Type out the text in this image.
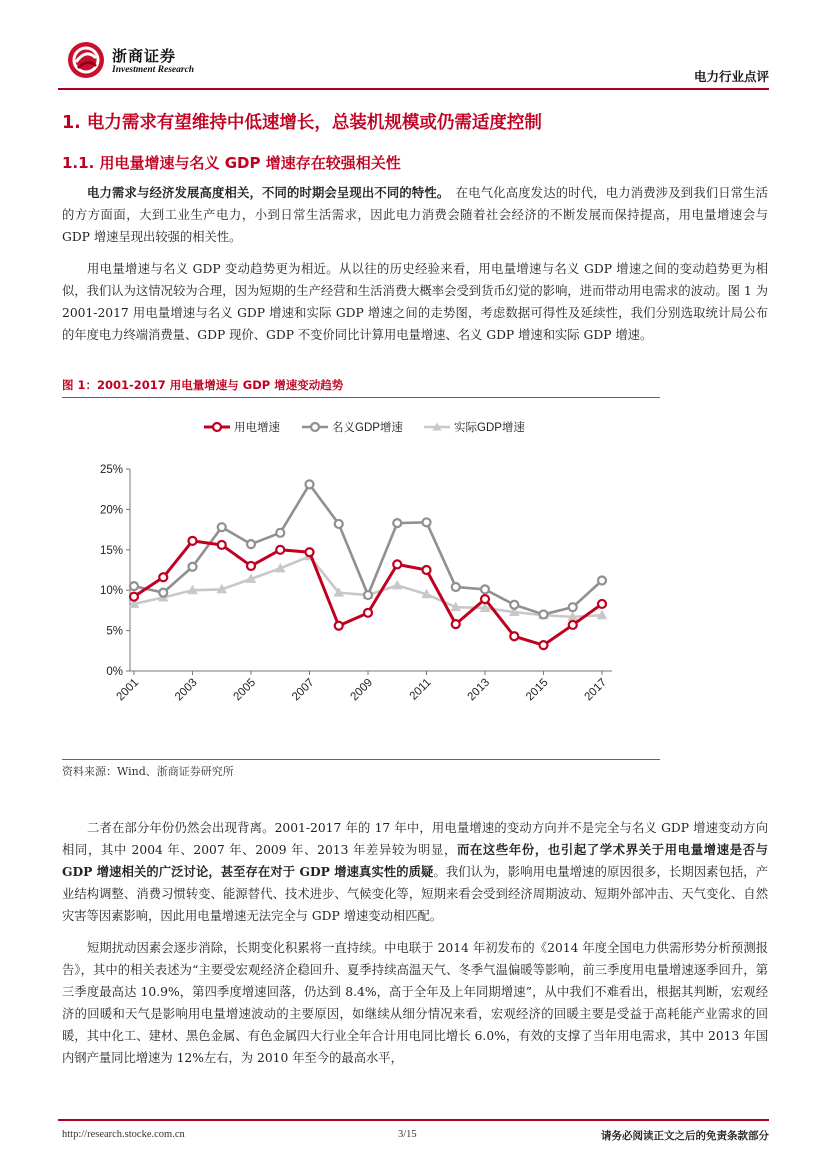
浙商证券
Investment Research	电力行业点评
1. 电力需求有望维持中低速增长，总装机规模或仍需适度控制
1.1. 用电量增速与名义 GDP 增速存在较强相关性

电力需求与经济发展高度相关，不同的时期会呈现出不同的特性。　 在电气化高度发达的时代，电力消费涉及到我们日常生活的方方面面，大到工业生产电力，小到日常生活需求，因此电力消费会随着社会经济的不断发展而保持提高，用电量增速会与 GDP 增速呈现出较强的相关性。

用电量增速与名义 GDP 变动趋势更为相近。从以往的历史经验来看，用电量增速与名义 GDP 增速之间的变动趋势更为相似，我们认为这情况较为合理，因为短期的生产经营和生活消费大概率会受到货币幻觉的影响，进而带动用电需求的波动。图 1 为 2001-2017 用电量增速与名义 GDP 增速和实际 GDP 增速之间的走势图，考虑数据可得性及延续性，我们分别选取统计局公布的年度电力终端消费量、GDP 现价、GDP 不变价同比计算用电量增速、名义 GDP 增速和实际 GDP 增速。

图 1：2001-2017 用电量增速与 GDP 增速变动趋势
用电增速	名义GDP增速	实际GDP增速
0%
5%
10%
15%
20%
25%
2001	2003	2005	2007	2009	2011	2013	2015	2017
资料来源：Wind、浙商证券研究所

二者在部分年份仍然会出现背离。2001-2017 年的 17 年中，用电量增速的变动方向并不是完全与名义 GDP 增速变动方向相同，其中 2004 年、2007 年、2009 年、2013 年差异较为明显，而在这些年份，也引起了学术界关于用电量增速是否与 GDP 增速相关的广泛讨论，甚至存在对于 GDP 增速真实性的质疑。我们认为，影响用电量增速的原因很多，长期因素包括，产业结构调整、消费习惯转变、能源替代、技术进步、气候变化等，短期来看会受到经济周期波动、短期外部冲击、天气变化、自然灾害等因素影响，因此用电量增速无法完全与 GDP 增速变动相匹配。

短期扰动因素会逐步消除，长期变化积累将一直持续。中电联于 2014 年初发布的《2014 年度全国电力供需形势分析预测报告》，其中的相关表述为“主要受宏观经济企稳回升、夏季持续高温天气、冬季气温偏暖等影响，前三季度用电量增速逐季回升，第三季度最高达 10.9%，第四季度增速回落，仍达到 8.4%，高于全年及上年同期增速”，从中我们不难看出，根据其判断，宏观经济的回暖和天气是影响用电量增速波动的主要原因，如继续从细分情况来看，宏观经济的回暖主要是受益于高耗能产业需求的回暖，其中化工、建材、黑色金属、有色金属四大行业全年合计用电同比增长 6.0%，有效的支撑了当年用电需求，其中 2013 年国内钢产量同比增速为 12%左右，为 2010 年至今的最高水平，

http://research.stocke.com.cn	3/15	请务必阅读正文之后的免责条款部分
